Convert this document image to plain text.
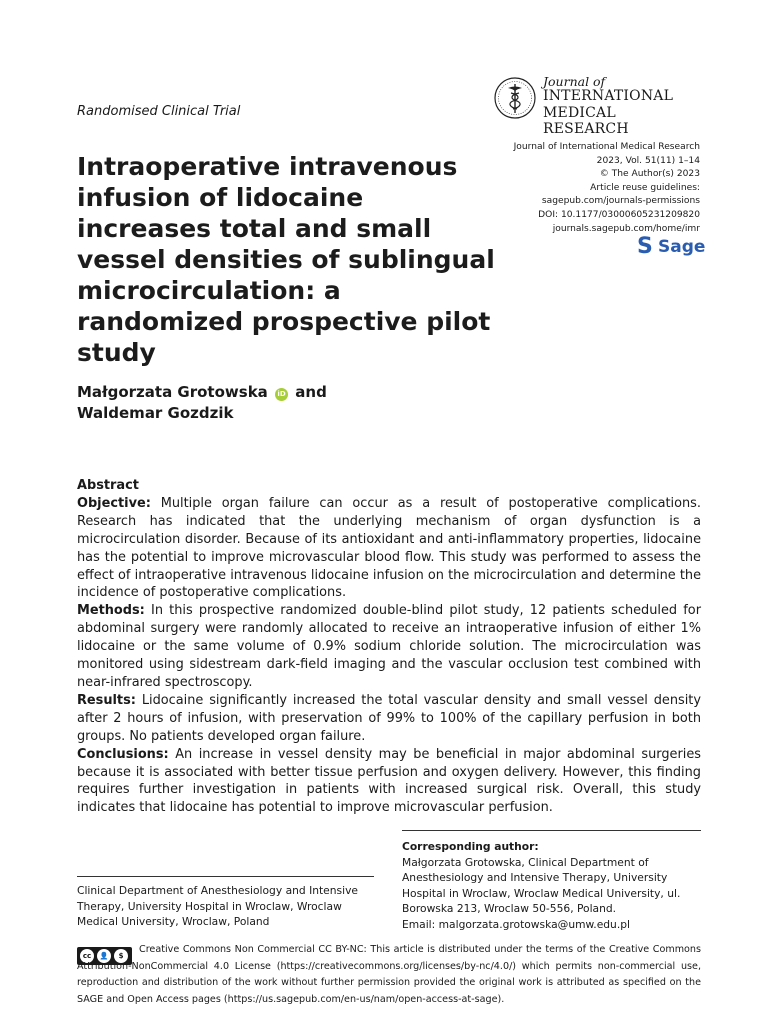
Randomised Clinical Trial
Intraoperative intravenous infusion of lidocaine increases total and small vessel densities of sublingual microcirculation: a randomized prospective pilot study
Journal of
INTERNATIONAL
MEDICAL RESEARCH
Journal of International Medical Research
2023, Vol. 51(11) 1–14
© The Author(s) 2023
Article reuse guidelines:
sagepub.com/journals-permissions
DOI: 10.1177/03000605231209820
journals.sagepub.com/home/imr
S Sage
Małgorzata Grotowska iD and
Waldemar Gozdzik
Abstract

Objective: Multiple organ failure can occur as a result of postoperative complications. Research has indicated that the underlying mechanism of organ dysfunction is a microcirculation disorder. Because of its antioxidant and anti-inflammatory properties, lidocaine has the potential to improve microvascular blood flow. This study was performed to assess the effect of intraoperative intravenous lidocaine infusion on the microcirculation and determine the incidence of postoperative complications.

Methods: In this prospective randomized double-blind pilot study, 12 patients scheduled for abdominal surgery were randomly allocated to receive an intraoperative infusion of either 1% lidocaine or the same volume of 0.9% sodium chloride solution. The microcirculation was monitored using sidestream dark-field imaging and the vascular occlusion test combined with near-infrared spectroscopy.

Results: Lidocaine significantly increased the total vascular density and small vessel density after 2 hours of infusion, with preservation of 99% to 100% of the capillary perfusion in both groups. No patients developed organ failure.

Conclusions: An increase in vessel density may be beneficial in major abdominal surgeries because it is associated with better tissue perfusion and oxygen delivery. However, this finding requires further investigation in patients with increased surgical risk. Overall, this study indicates that lidocaine has potential to improve microvascular perfusion.

Corresponding author:
Małgorzata Grotowska, Clinical Department of Anesthesiology and Intensive Therapy, University Hospital in Wroclaw, Wroclaw Medical University, ul. Borowska 213, Wroclaw 50-556, Poland.
Email: malgorzata.grotowska@umw.edu.pl
Clinical Department of Anesthesiology and Intensive Therapy, University Hospital in Wroclaw, Wroclaw Medical University, Wroclaw, Poland
cc	👤	$
Creative Commons Non Commercial CC BY-NC: This article is distributed under the terms of the Creative Commons Attribution-NonCommercial 4.0 License (https://creativecommons.org/licenses/by-nc/4.0/) which permits non-commercial use, reproduction and distribution of the work without further permission provided the original work is attributed as specified on the SAGE and Open Access pages (https://us.sagepub.com/en-us/nam/open-access-at-sage).
